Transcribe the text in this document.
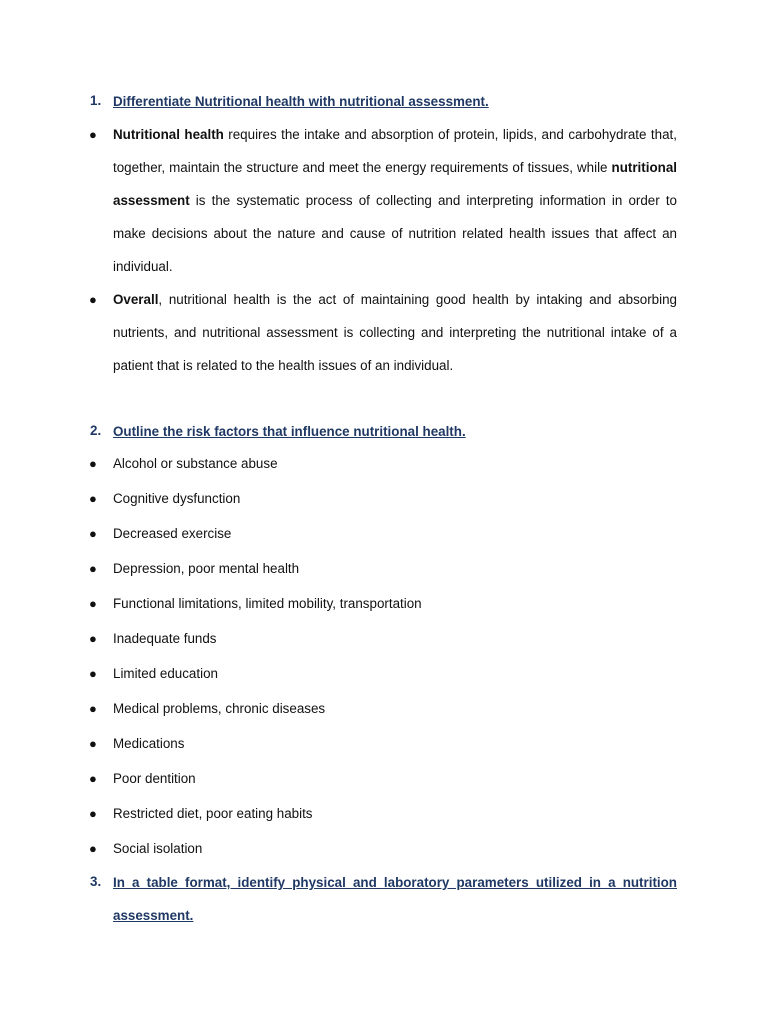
1. Differentiate Nutritional health with nutritional assessment.
● Nutritional health requires the intake and absorption of protein, lipids, and carbohydrate that, together, maintain the structure and meet the energy requirements of tissues, while nutritional assessment is the systematic process of collecting and interpreting information in order to make decisions about the nature and cause of nutrition related health issues that affect an individual.
● Overall, nutritional health is the act of maintaining good health by intaking and absorbing nutrients, and nutritional assessment is collecting and interpreting the nutritional intake of a patient that is related to the health issues of an individual.
2. Outline the risk factors that influence nutritional health.
● Alcohol or substance abuse
● Cognitive dysfunction
● Decreased exercise
● Depression, poor mental health
● Functional limitations, limited mobility, transportation
● Inadequate funds
● Limited education
● Medical problems, chronic diseases
● Medications
● Poor dentition
● Restricted diet, poor eating habits
● Social isolation
3. In a table format, identify physical and laboratory parameters utilized in a nutrition assessment.
